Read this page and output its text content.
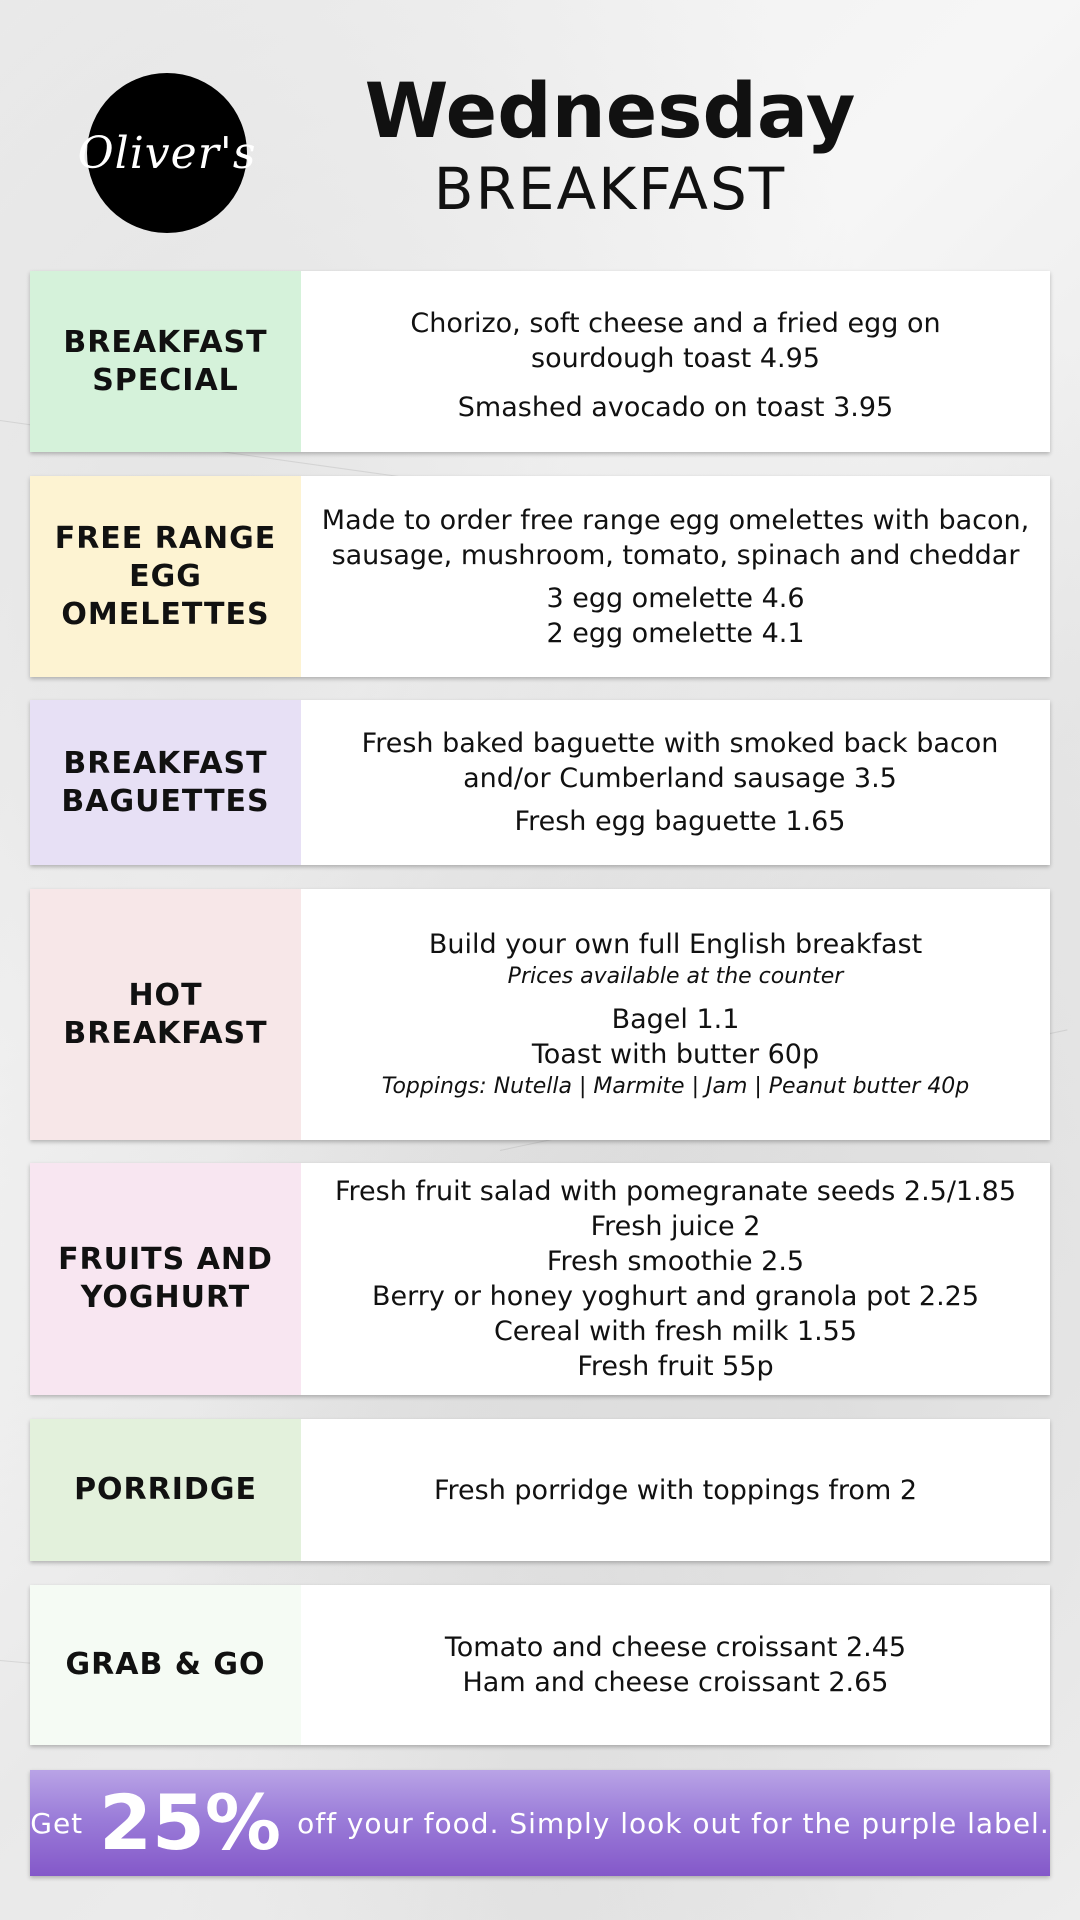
Oliver's	Wednesday
BREAKFAST
BREAKFAST
SPECIAL
Chorizo, soft cheese and a fried egg on sourdough toast 4.95
Smashed avocado on toast 3.95
FREE RANGE
EGG
OMELETTES
Made to order free range egg omelettes with bacon, sausage, mushroom, tomato, spinach and cheddar
3 egg omelette 4.6
2 egg omelette 4.1
BREAKFAST
BAGUETTES
Fresh baked baguette with smoked back bacon and/or Cumberland sausage 3.5
Fresh egg baguette 1.65
HOT
BREAKFAST
Build your own full English breakfast
Prices available at the counter
Bagel 1.1
Toast with butter 60p
Toppings: Nutella | Marmite | Jam | Peanut butter 40p
FRUITS AND
YOGHURT
Fresh fruit salad with pomegranate seeds 2.5/1.85
Fresh juice 2
Fresh smoothie 2.5
Berry or honey yoghurt and granola pot 2.25
Cereal with fresh milk 1.55
Fresh fruit 55p
PORRIDGE	Fresh porridge with toppings from 2
GRAB & GO	Tomato and cheese croissant 2.45
Ham and cheese croissant 2.65
Get 25% off your food. Simply look out for the purple label.
